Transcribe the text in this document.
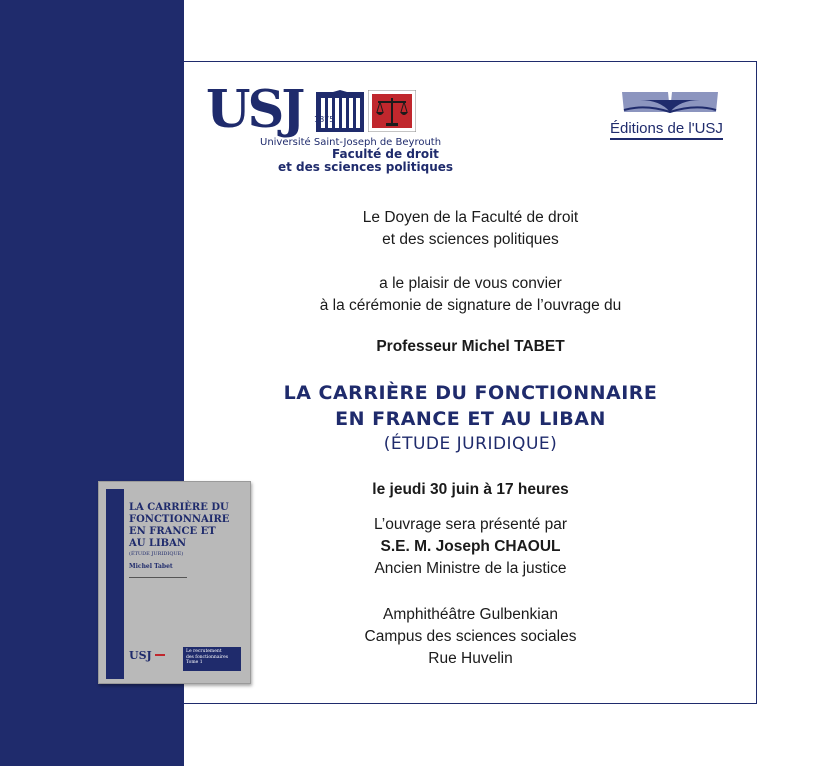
USJ 1875
Université Saint-Joseph de Beyrouth
Faculté de droit
et des sciences politiques
Éditions de l'USJ
Le Doyen de la Faculté de droit
et des sciences politiques
a le plaisir de vous convier
à la cérémonie de signature de l’ouvrage du
Professeur Michel TABET
LA CARRIÈRE DU FONCTIONNAIRE
EN FRANCE ET AU LIBAN
(ÉTUDE JURIDIQUE)
le jeudi 30 juin à 17 heures
L’ouvrage sera présenté par
S.E. M. Joseph CHAOUL
Ancien Ministre de la justice
Amphithéâtre Gulbenkian
Campus des sciences sociales
Rue Huvelin
LA CARRIÈRE DU
FONCTIONNAIRE
EN FRANCE ET
AU LIBAN
(ÉTUDE JURIDIQUE)
Michel Tabet
USJ	Le recrutement
des fonctionnaires
Tome 1
